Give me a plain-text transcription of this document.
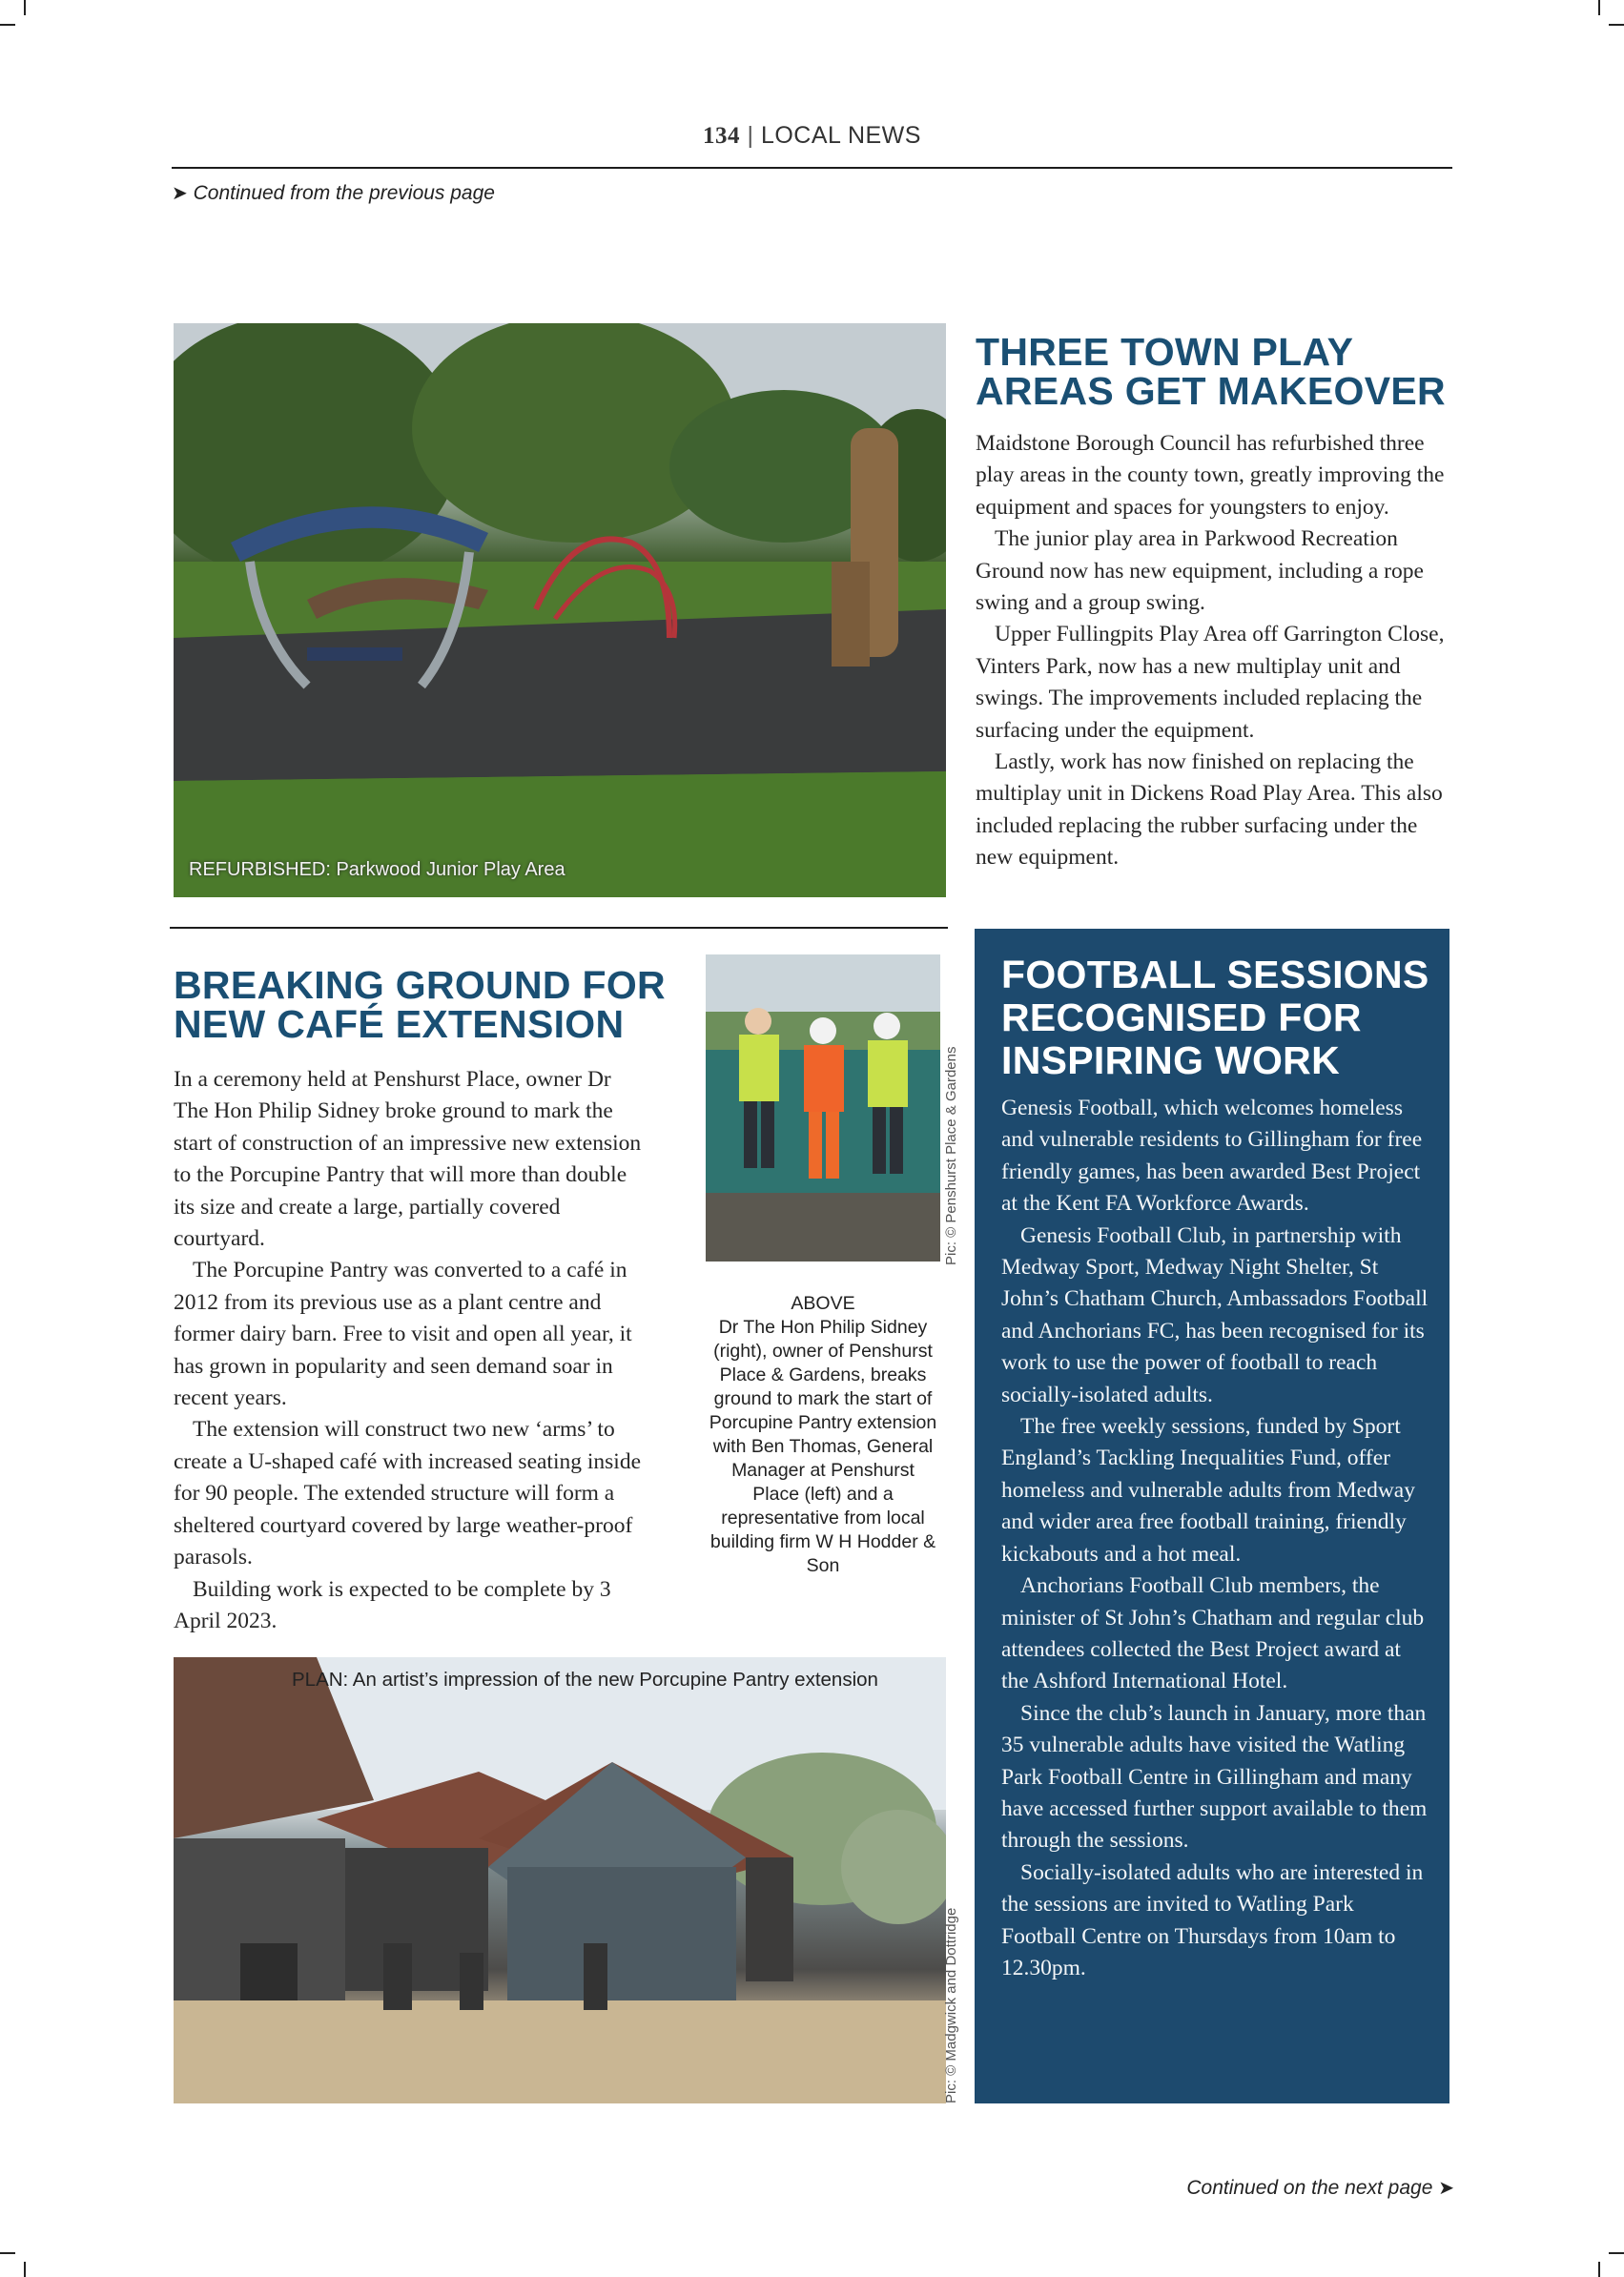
134 | LOCAL NEWS
➤ Continued from the previous page
REFURBISHED: Parkwood Junior Play Area
THREE TOWN PLAY
AREAS GET MAKEOVER

Maidstone Borough Council has refurbished three play areas in the county town, greatly improving the equipment and spaces for youngsters to enjoy.

The junior play area in Parkwood Recreation Ground now has new equipment, including a rope swing and a group swing.

Upper Fullingpits Play Area off Garrington Close, Vinters Park, now has a new multiplay unit and swings. The improvements included replacing the surfacing under the equipment.

Lastly, work has now finished on replacing the multiplay unit in Dickens Road Play Area. This also included replacing the rubber surfacing under the new equipment.

BREAKING GROUND FOR
NEW CAFÉ EXTENSION

In a ceremony held at Penshurst Place, owner Dr The Hon Philip Sidney broke ground to mark the start of construction of an impressive new extension to the Porcupine Pantry that will more than double its size and create a large, partially covered courtyard.

The Porcupine Pantry was converted to a café in 2012 from its previous use as a plant centre and former dairy barn. Free to visit and open all year, it has grown in popularity and seen demand soar in recent years.

The extension will construct two new ‘arms’ to create a U-shaped café with increased seating inside for 90 people. The extended structure will form a sheltered courtyard covered by large weather-proof parasols.

Building work is expected to be complete by 3 April 2023.

Pic: © Penshurst Place & Gardens
ABOVE
Dr The Hon Philip Sidney (right), owner of Penshurst Place & Gardens, breaks ground to mark the start of Porcupine Pantry extension with Ben Thomas, General Manager at Penshurst Place (left) and a representative from local building firm W H Hodder & Son
PLAN: An artist’s impression of the new Porcupine Pantry extension
Pic: © Madgwick and Dottridge
FOOTBALL SESSIONS
RECOGNISED FOR
INSPIRING WORK

Genesis Football, which welcomes homeless and vulnerable residents to Gillingham for free friendly games, has been awarded Best Project at the Kent FA Workforce Awards.

Genesis Football Club, in partnership with Medway Sport, Medway Night Shelter, St John’s Chatham Church, Ambassadors Football and Anchorians FC, has been recognised for its work to use the power of football to reach socially-isolated adults.

The free weekly sessions, funded by Sport England’s Tackling Inequalities Fund, offer homeless and vulnerable adults from Medway and wider area free football training, friendly kickabouts and a hot meal.

Anchorians Football Club members, the minister of St John’s Chatham and regular club attendees collected the Best Project award at the Ashford International Hotel.

Since the club’s launch in January, more than 35 vulnerable adults have visited the Watling Park Football Centre in Gillingham and many have accessed further support available to them through the sessions.

Socially-isolated adults who are interested in the sessions are invited to Watling Park Football Centre on Thursdays from 10am to 12.30pm.

Continued on the next page ➤
